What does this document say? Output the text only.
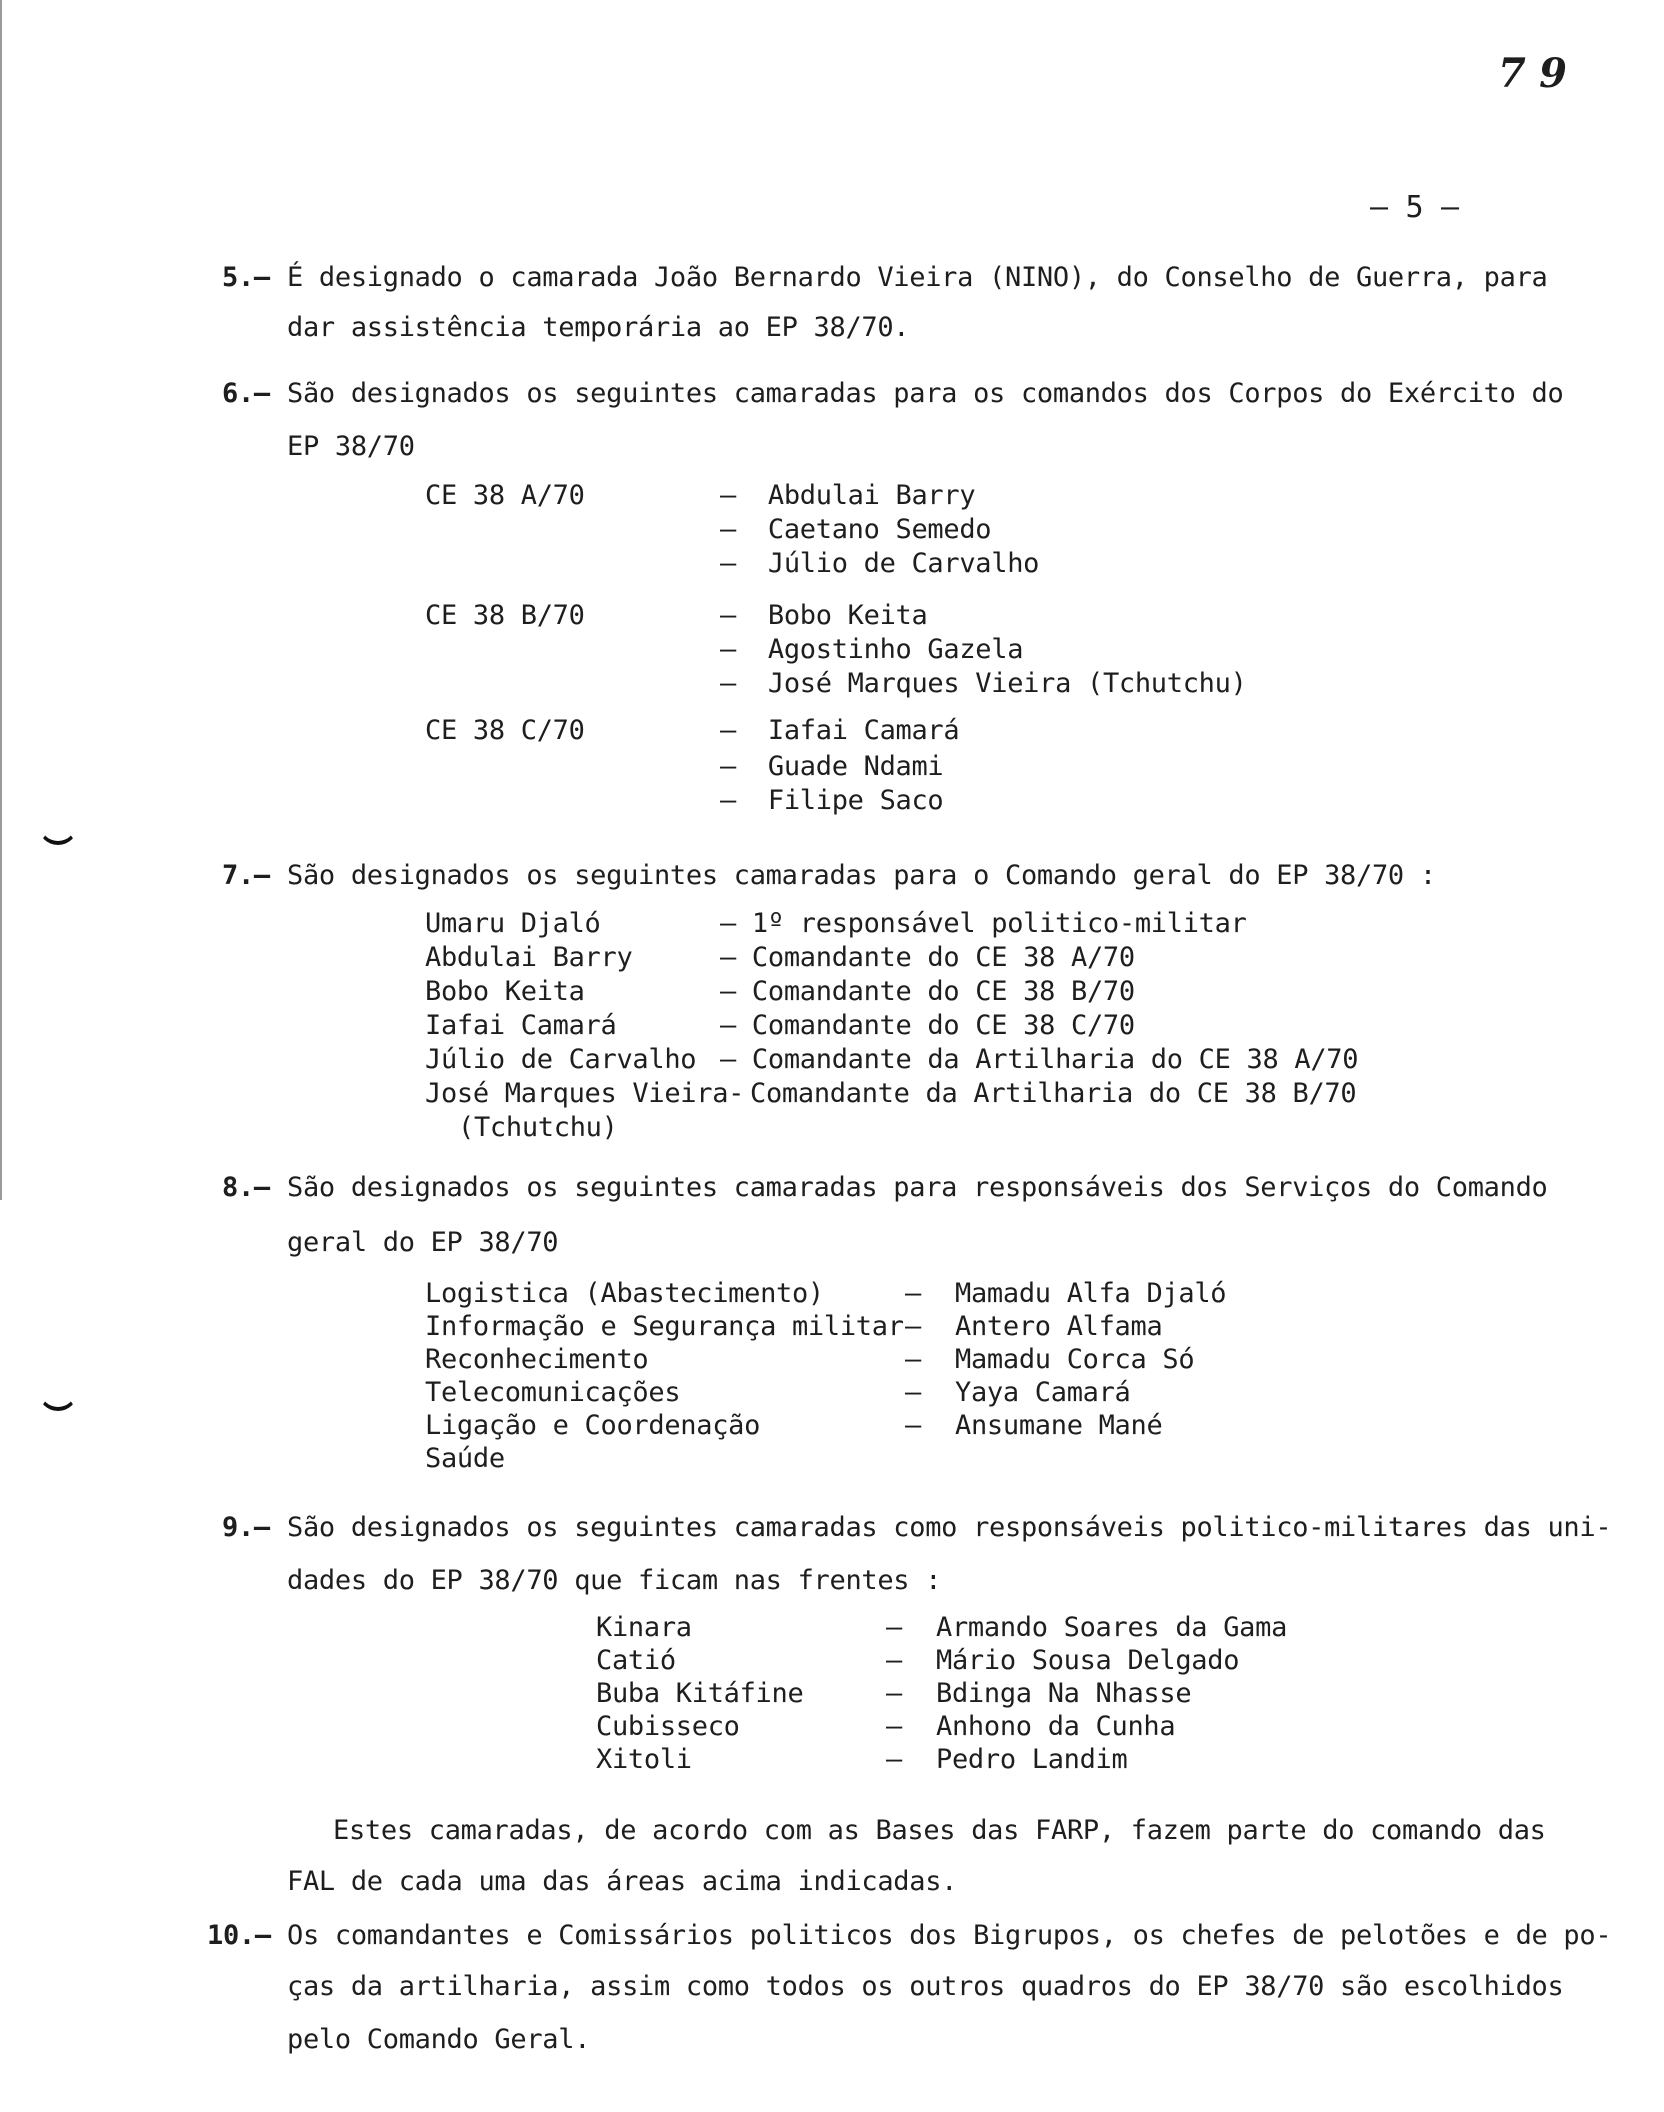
7 9
– 5 –
5.– É designado o camarada João Bernardo Vieira (NINO), do Conselho de Guerra, para
dar assistência temporária ao EP 38/70.
6.– São designados os seguintes camaradas para os comandos dos Corpos do Exército do
EP 38/70
CE 38 A/70	–  Abdulai Barry
–  Caetano Semedo
–  Júlio de Carvalho
CE 38 B/70	–  Bobo Keita
–  Agostinho Gazela
–  José Marques Vieira (Tchutchu)
CE 38 C/70	–  Iafai Camará
–  Guade Ndami
–  Filipe Saco
7.– São designados os seguintes camaradas para o Comando geral do EP 38/70 :
Umaru Djaló	– 1º responsável politico-militar
Abdulai Barry	– Comandante do CE 38 A/70
Bobo Keita	– Comandante do CE 38 B/70
Iafai Camará	– Comandante do CE 38 C/70
Júlio de Carvalho – Comandante da Artilharia do CE 38 A/70
José Marques Vieira- Comandante da Artilharia do CE 38 B/70
(Tchutchu)
8.– São designados os seguintes camaradas para responsáveis dos Serviços do Comando
geral do EP 38/70
Logistica (Abastecimento)	–	Mamadu Alfa Djaló
Informação e Segurança militar	–	Antero Alfama
Reconhecimento	–	Mamadu Corca Só
Telecomunicações	–	Yaya Camará
Ligação e Coordenação	–	Ansumane Mané
Saúde		
9.– São designados os seguintes camaradas como responsáveis politico-militares das uni-
dades do EP 38/70 que ficam nas frentes :
Kinara	–	Armando Soares da Gama
Catió	–	Mário Sousa Delgado
Buba Kitáfine	–	Bdinga Na Nhasse
Cubisseco	–	Anhono da Cunha
Xitoli	–	Pedro Landim
Estes camaradas, de acordo com as Bases das FARP, fazem parte do comando das
FAL de cada uma das áreas acima indicadas.
10.– Os comandantes e Comissários politicos dos Bigrupos, os chefes de pelotões e de po-
ças da artilharia, assim como todos os outros quadros do EP 38/70 são escolhidos
pelo Comando Geral.
